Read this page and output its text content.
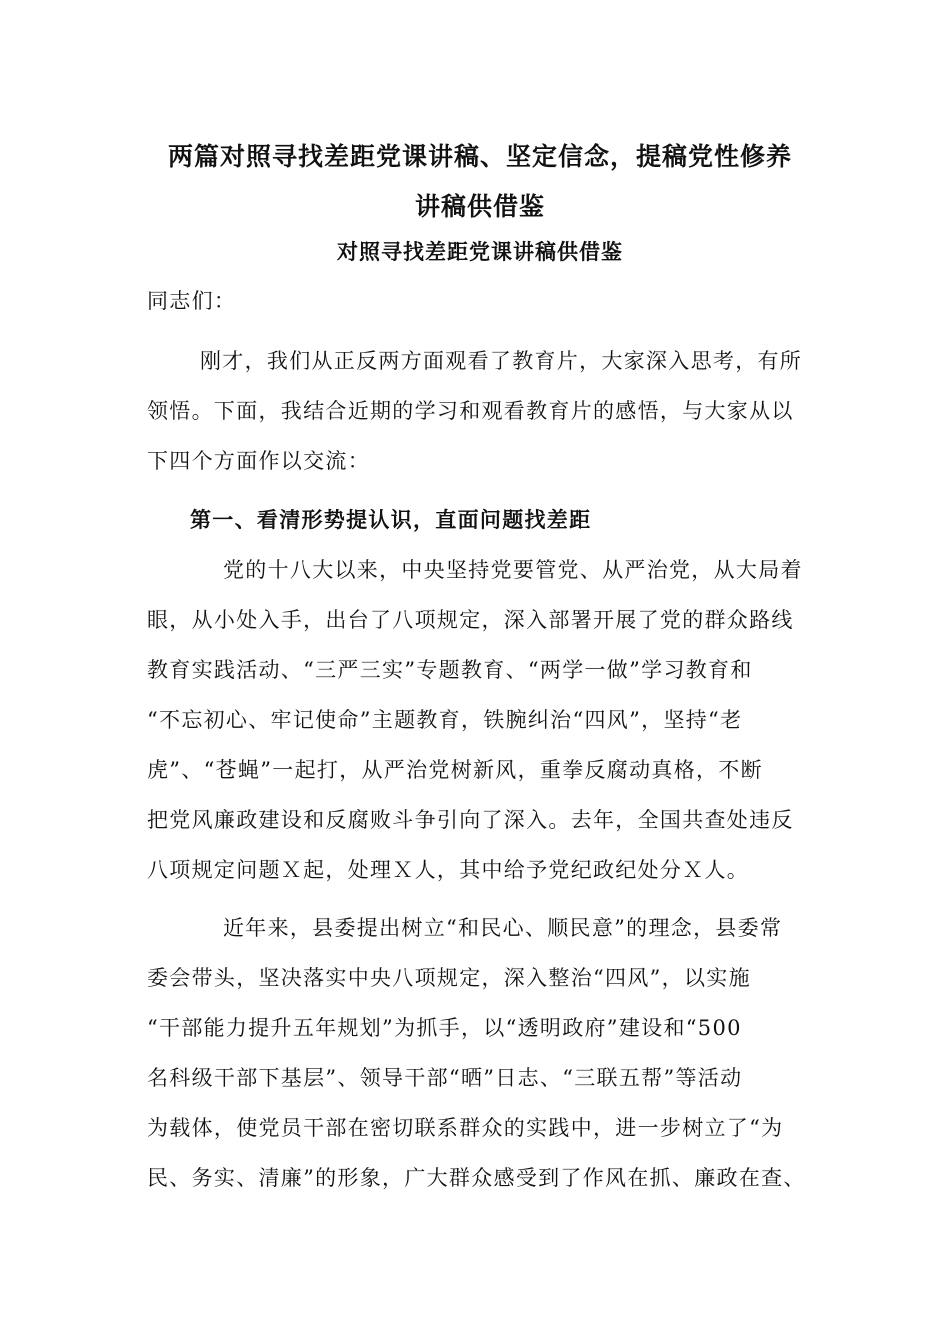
两篇对照寻找差距党课讲稿、坚定信念，提稿党性修养
讲稿供借鉴
对照寻找差距党课讲稿供借鉴
同志们：
刚才，我们从正反两方面观看了教育片，大家深入思考，有所
领悟。下面，我结合近期的学习和观看教育片的感悟，与大家从以
下四个方面作以交流：
第一、看清形势提认识，直面问题找差距
党的十八大以来，中央坚持党要管党、从严治党，从大局着
眼，从小处入手，出台了八项规定，深入部署开展了党的群众路线
教育实践活动、“三严三实”专题教育、“两学一做”学习教育和
“不忘初心、牢记使命”主题教育，铁腕纠治“四风”，坚持“老
虎”、“苍蝇”一起打，从严治党树新风，重拳反腐动真格，不断
把党风廉政建设和反腐败斗争引向了深入。去年，全国共查处违反
八项规定问题Ｘ起，处理Ｘ人，其中给予党纪政纪处分Ｘ人。
近年来，县委提出树立“和民心、顺民意”的理念，县委常
委会带头，坚决落实中央八项规定，深入整治“四风”，以实施
“干部能力提升五年规划”为抓手，以“透明政府”建设和“500
名科级干部下基层”、领导干部“晒”日志、“三联五帮”等活动
为载体，使党员干部在密切联系群众的实践中，进一步树立了“为
民、务实、清廉”的形象，广大群众感受到了作风在抓、廉政在查、
